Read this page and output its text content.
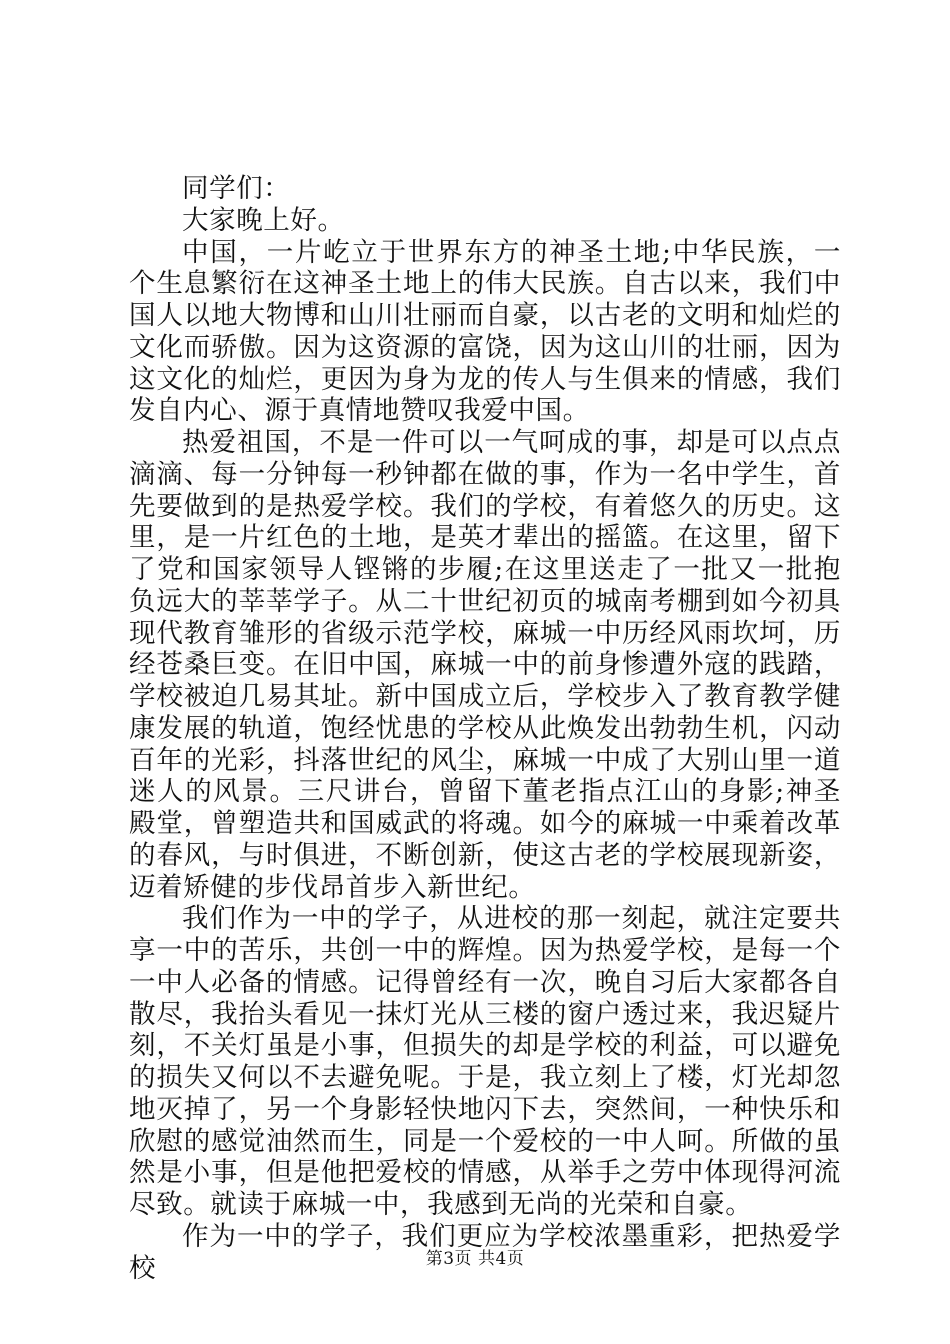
同学们：

大家晚上好。

中国，一片屹立于世界东方的神圣土地;中华民族，一个生息繁衍在这神圣土地上的伟大民族。自古以来，我们中国人以地大物博和山川壮丽而自豪，以古老的文明和灿烂的文化而骄傲。因为这资源的富饶，因为这山川的壮丽，因为这文化的灿烂，更因为身为龙的传人与生俱来的情感，我们发自内心、源于真情地赞叹我爱中国。

热爱祖国，不是一件可以一气呵成的事，却是可以点点滴滴、每一分钟每一秒钟都在做的事，作为一名中学生，首先要做到的是热爱学校。我们的学校，有着悠久的历史。这里，是一片红色的土地，是英才辈出的摇篮。在这里，留下了党和国家领导人铿锵的步履;在这里送走了一批又一批抱负远大的莘莘学子。从二十世纪初页的城南考棚到如今初具现代教育雏形的省级示范学校，麻城一中历经风雨坎坷，历经苍桑巨变。在旧中国，麻城一中的前身惨遭外寇的践踏，学校被迫几易其址。新中国成立后，学校步入了教育教学健康发展的轨道，饱经忧患的学校从此焕发出勃勃生机，闪动百年的光彩，抖落世纪的风尘，麻城一中成了大别山里一道迷人的风景。三尺讲台，曾留下董老指点江山的身影;神圣殿堂，曾塑造共和国威武的将魂。如今的麻城一中乘着改革的春风，与时俱进，不断创新，使这古老的学校展现新姿，迈着矫健的步伐昂首步入新世纪。

我们作为一中的学子，从进校的那一刻起，就注定要共享一中的苦乐，共创一中的辉煌。因为热爱学校，是每一个一中人必备的情感。记得曾经有一次，晚自习后大家都各自散尽，我抬头看见一抹灯光从三楼的窗户透过来，我迟疑片刻，不关灯虽是小事，但损失的却是学校的利益，可以避免的损失又何以不去避免呢。于是，我立刻上了楼，灯光却忽地灭掉了，另一个身影轻快地闪下去，突然间，一种快乐和欣慰的感觉油然而生，同是一个爱校的一中人呵。所做的虽然是小事，但是他把爱校的情感，从举手之劳中体现得河流尽致。就读于麻城一中，我感到无尚的光荣和自豪。

作为一中的学子，我们更应为学校浓墨重彩，把热爱学校	第3页 共4页
